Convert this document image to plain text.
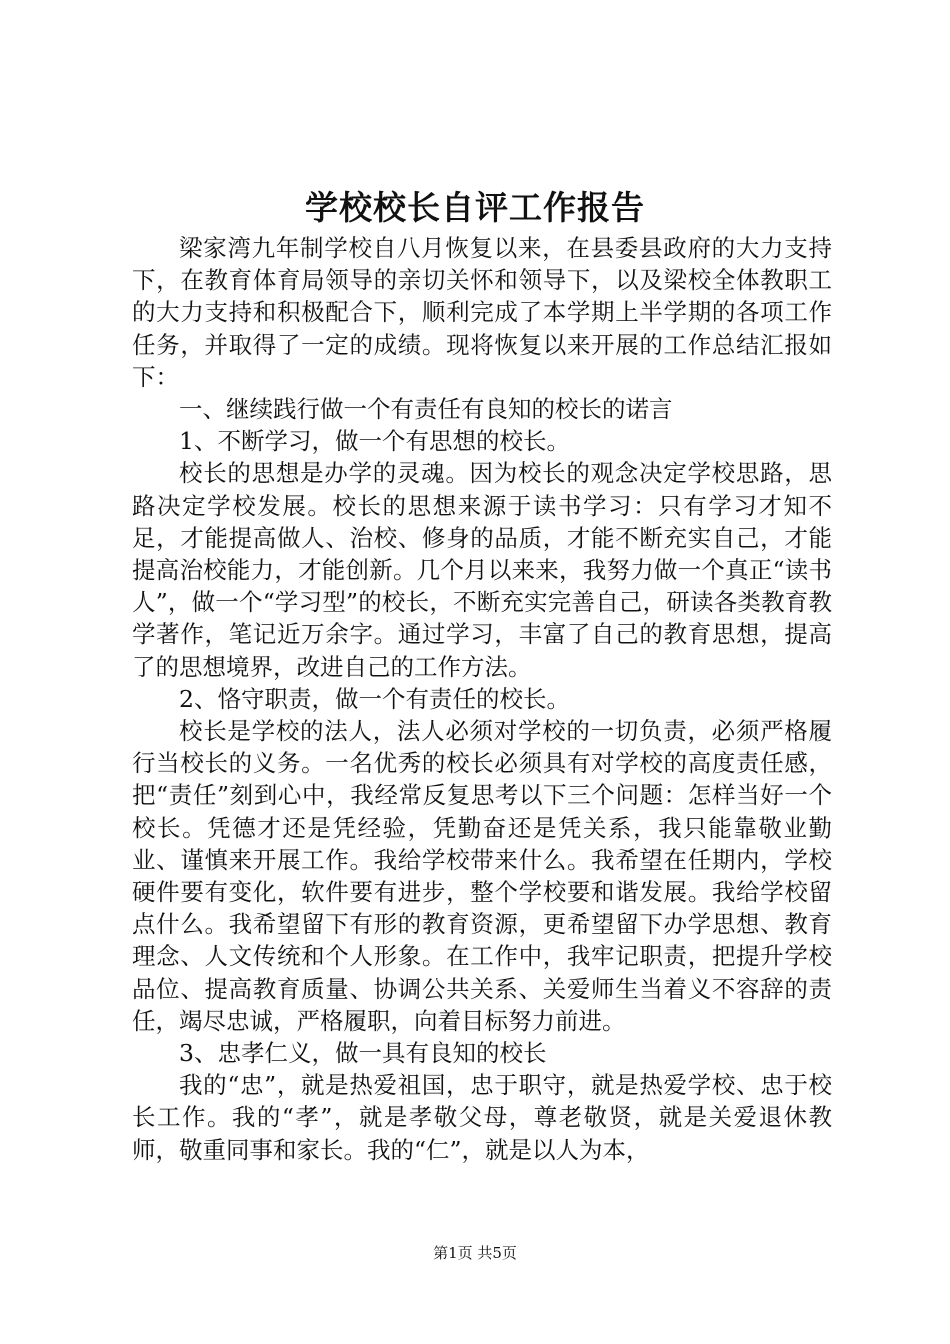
学校校长自评工作报告

梁家湾九年制学校自八月恢复以来，在县委县政府的大力支持下，在教育体育局领导的亲切关怀和领导下，以及梁校全体教职工的大力支持和积极配合下，顺利完成了本学期上半学期的各项工作任务，并取得了一定的成绩。现将恢复以来开展的工作总结汇报如下：

一、继续践行做一个有责任有良知的校长的诺言

1、不断学习，做一个有思想的校长。

校长的思想是办学的灵魂。因为校长的观念决定学校思路，思路决定学校发展。校长的思想来源于读书学习：只有学习才知不足，才能提高做人、治校、修身的品质，才能不断充实自己，才能提高治校能力，才能创新。几个月以来来，我努力做一个真正“读书人”，做一个“学习型”的校长，不断充实完善自己，研读各类教育教学著作，笔记近万余字。通过学习，丰富了自己的教育思想，提高了的思想境界，改进自己的工作方法。

2、恪守职责，做一个有责任的校长。

校长是学校的法人，法人必须对学校的一切负责，必须严格履行当校长的义务。一名优秀的校长必须具有对学校的高度责任感，把“责任”刻到心中，我经常反复思考以下三个问题：怎样当好一个校长。凭德才还是凭经验，凭勤奋还是凭关系，我只能靠敬业勤业、谨慎来开展工作。我给学校带来什么。我希望在任期内，学校硬件要有变化，软件要有进步，整个学校要和谐发展。我给学校留点什么。我希望留下有形的教育资源，更希望留下办学思想、教育理念、人文传统和个人形象。在工作中，我牢记职责，把提升学校品位、提高教育质量、协调公共关系、关爱师生当着义不容辞的责任，竭尽忠诚，严格履职，向着目标努力前进。

3、忠孝仁义，做一具有良知的校长

我的“忠”，就是热爱祖国，忠于职守，就是热爱学校、忠于校长工作。我的“孝”，就是孝敬父母，尊老敬贤，就是关爱退休教师，敬重同事和家长。我的“仁”，就是以人为本，

第1页 共5页
